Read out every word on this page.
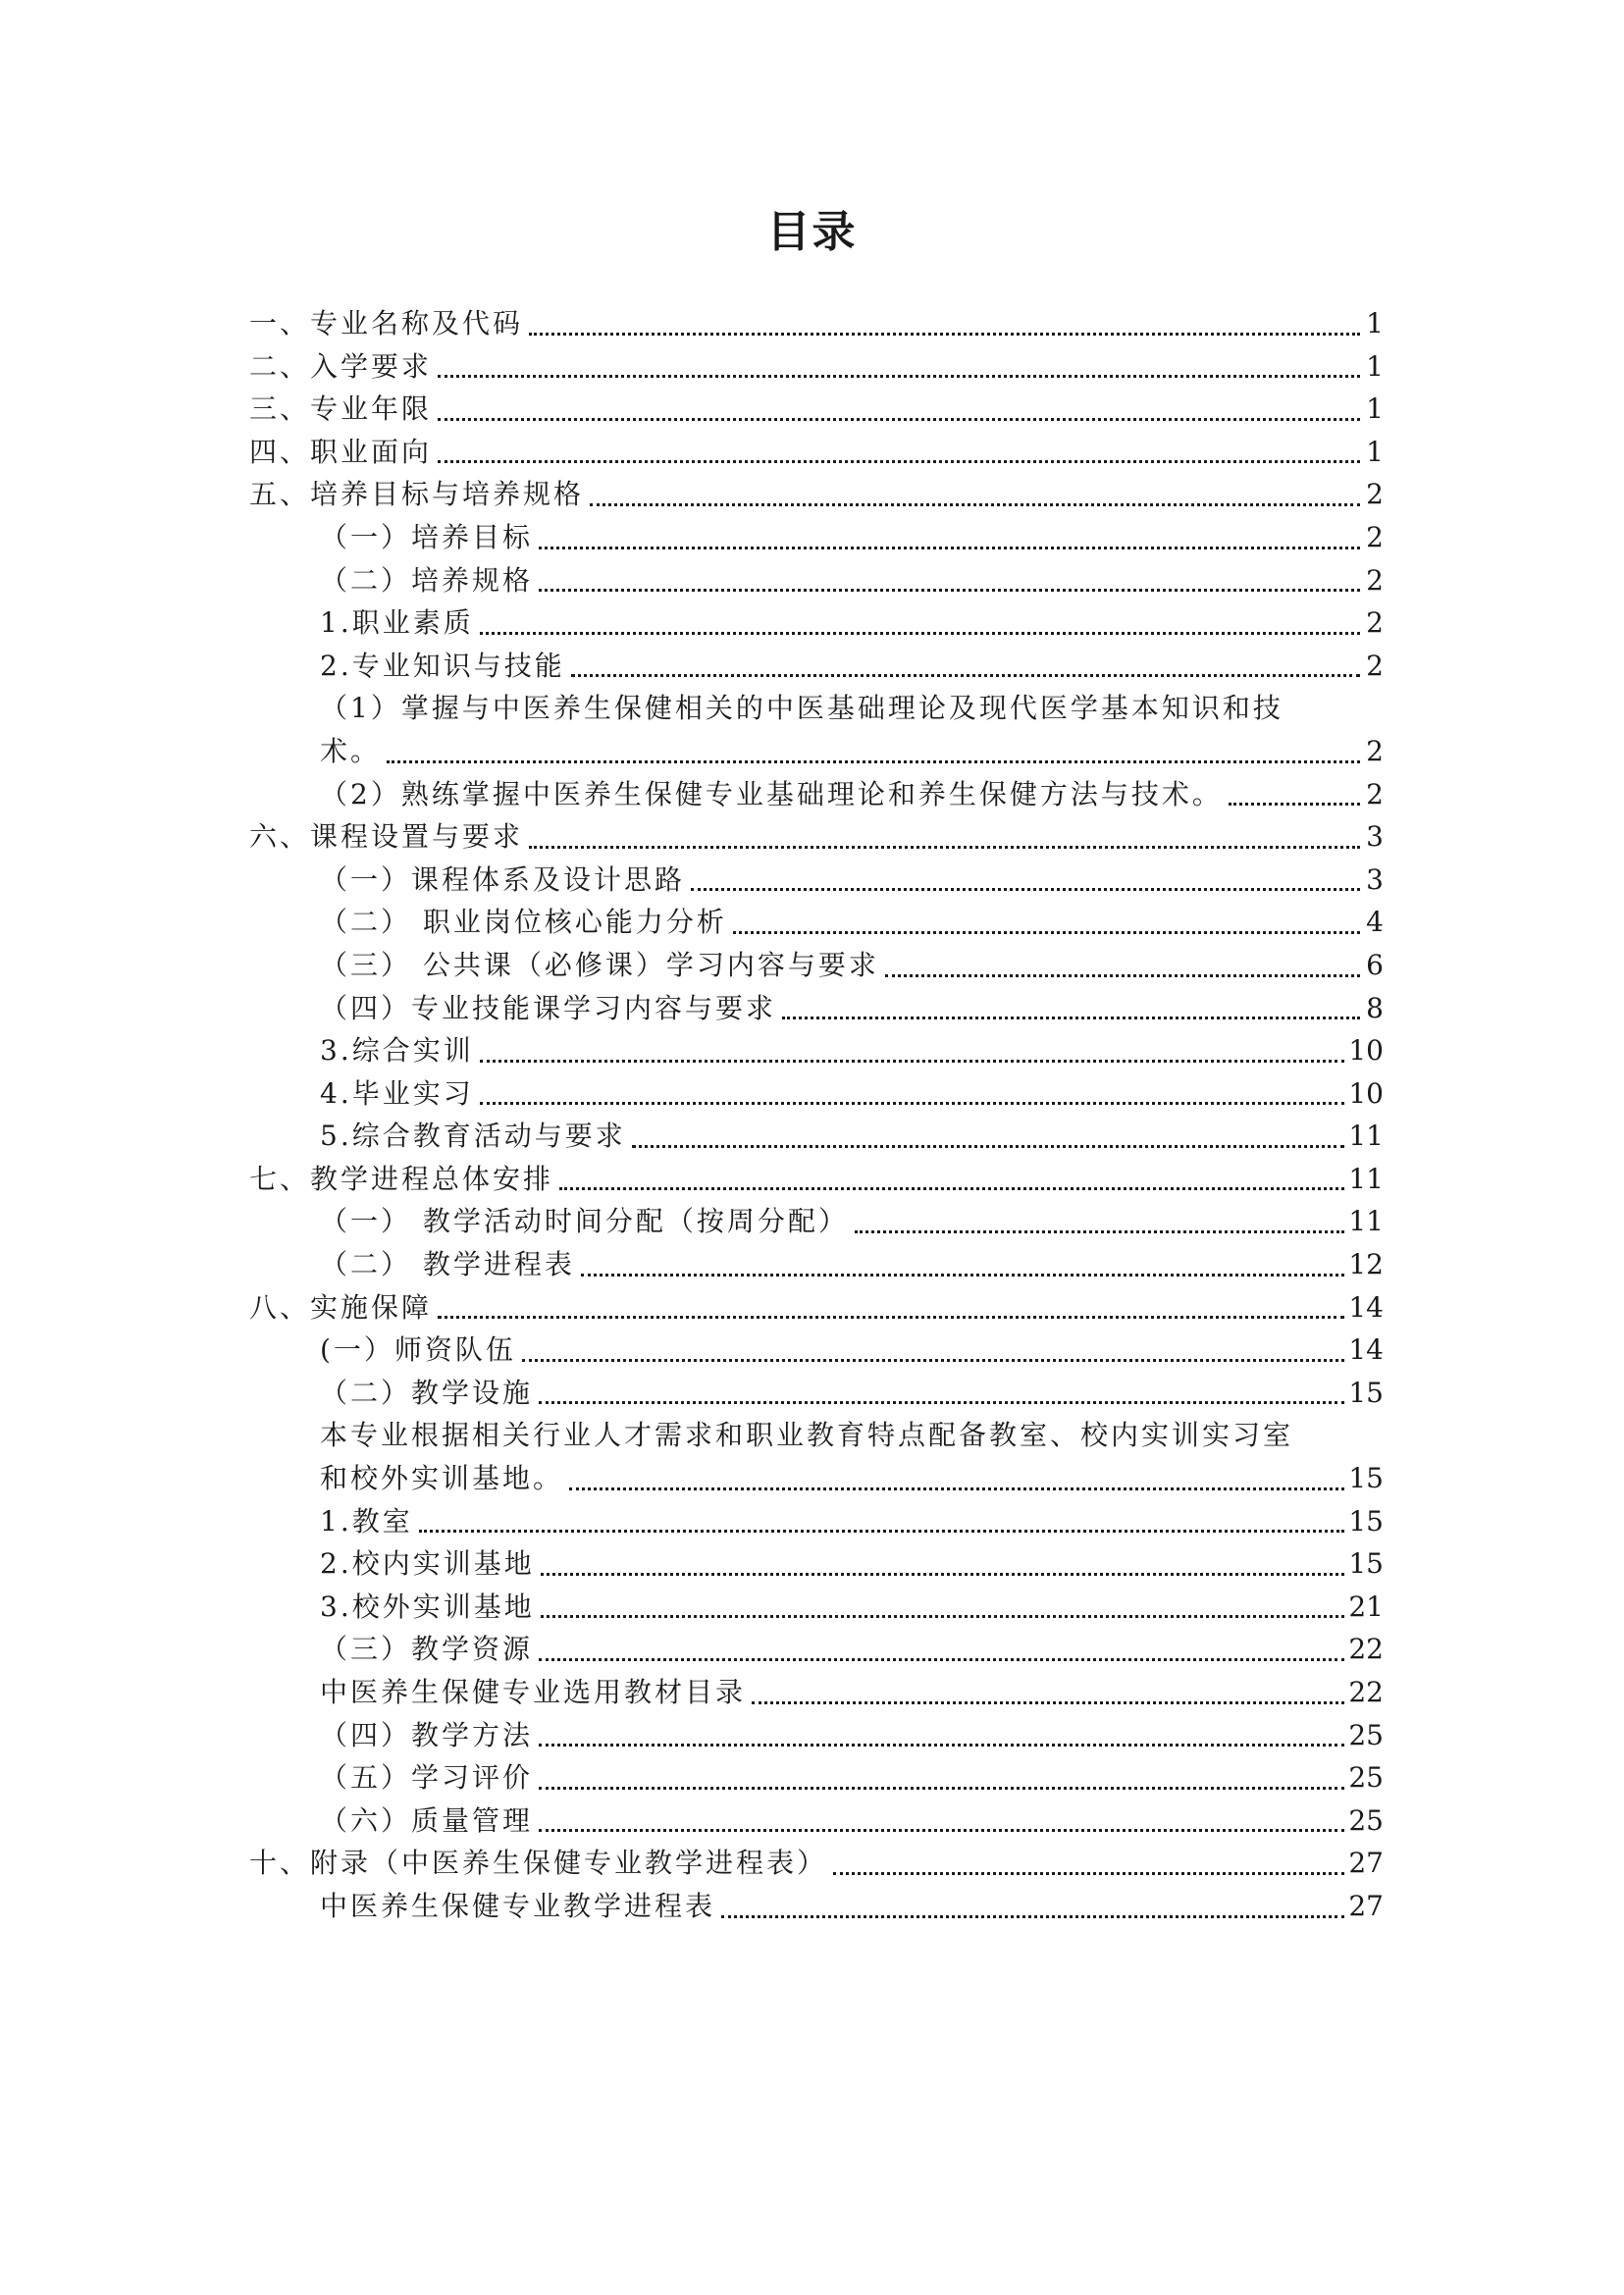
目录
一、专业名称及代码	1
二、入学要求	1
三、专业年限	1
四、职业面向	1
五、培养目标与培养规格	2
（一）培养目标	2
（二）培养规格	2
1.职业素质	2
2.专业知识与技能	2
（1）掌握与中医养生保健相关的中医基础理论及现代医学基本知识和技
术。	2
（2）熟练掌握中医养生保健专业基础理论和养生保健方法与技术。	2
六、课程设置与要求	3
（一）课程体系及设计思路	3
（二） 职业岗位核心能力分析	4
（三） 公共课（必修课）学习内容与要求	6
（四）专业技能课学习内容与要求	8
3.综合实训	10
4.毕业实习	10
5.综合教育活动与要求	11
七、教学进程总体安排	11
（一） 教学活动时间分配（按周分配）	11
（二） 教学进程表	12
八、实施保障	14
(一）师资队伍	14
（二）教学设施	15
本专业根据相关行业人才需求和职业教育特点配备教室、校内实训实习室
和校外实训基地。	15
1.教室	15
2.校内实训基地	15
3.校外实训基地	21
（三）教学资源	22
中医养生保健专业选用教材目录	22
（四）教学方法	25
（五）学习评价	25
（六）质量管理	25
十、附录（中医养生保健专业教学进程表）	27
中医养生保健专业教学进程表	27
